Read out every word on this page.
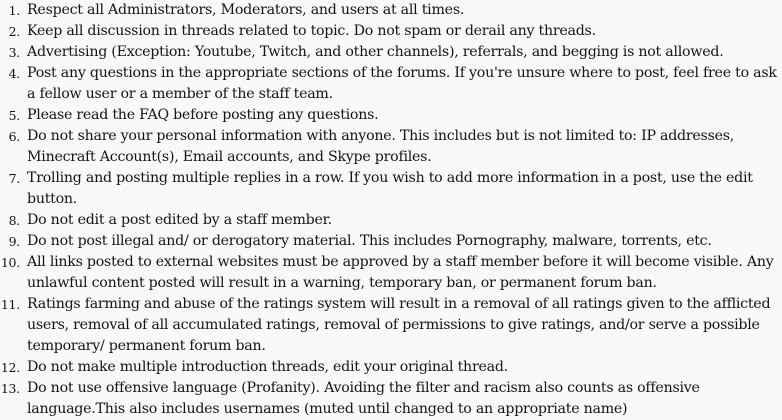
1. Respect all Administrators, Moderators, and users at all times.
2. Keep all discussion in threads related to topic. Do not spam or derail any threads.
3. Advertising (Exception: Youtube, Twitch, and other channels), referrals, and begging is not allowed.
4. Post any questions in the appropriate sections of the forums. If you're unsure where to post, feel free to ask a fellow user or a member of the staff team.
5. Please read the FAQ before posting any questions.
6. Do not share your personal information with anyone. This includes but is not limited to: IP addresses, Minecraft Account(s), Email accounts, and Skype profiles.
7. Trolling and posting multiple replies in a row. If you wish to add more information in a post, use the edit button.
8. Do not edit a post edited by a staff member.
9. Do not post illegal and/ or derogatory material. This includes Pornography, malware, torrents, etc.
10. All links posted to external websites must be approved by a staff member before it will become visible. Any unlawful content posted will result in a warning, temporary ban, or permanent forum ban.
11. Ratings farming and abuse of the ratings system will result in a removal of all ratings given to the afflicted users, removal of all accumulated ratings, removal of permissions to give ratings, and/or serve a possible temporary/ permanent forum ban.
12. Do not make multiple introduction threads, edit your original thread.
13. Do not use offensive language (Profanity). Avoiding the filter and racism also counts as offensive language.This also includes usernames (muted until changed to an appropriate name)
